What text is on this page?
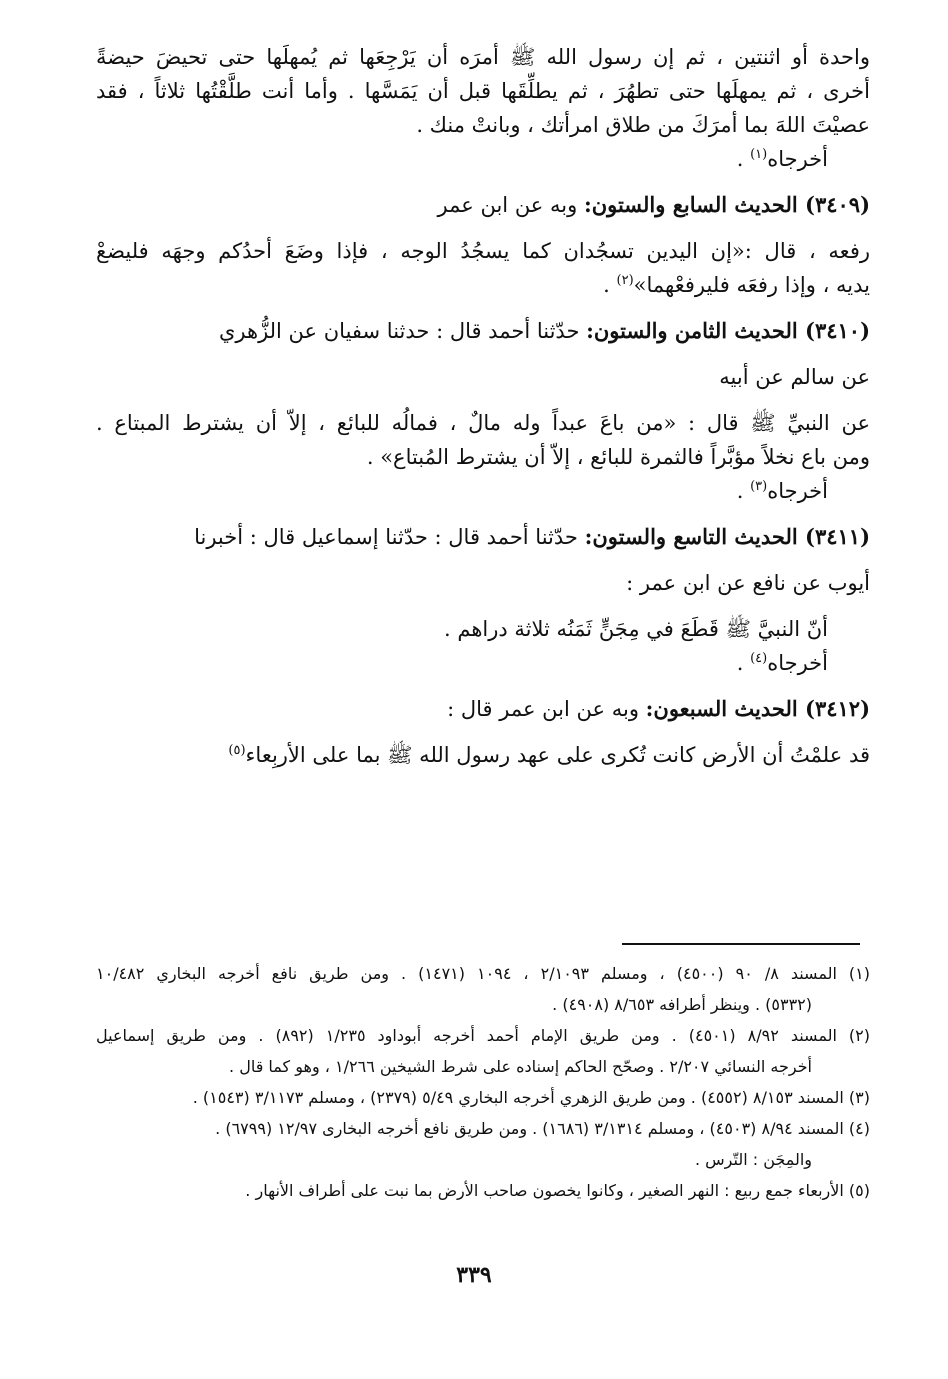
واحدة أو اثنتين ، ثم إن رسول الله ﷺ أمرَه أن يَرْجِعَها ثم يُمهلَها حتى تحيضَ حيضةً

أخرى ، ثم يمهلَها حتى تطهُرَ ، ثم يطلِّقَها قبل أن يَمَسَّها . وأما أنت طلَّقْتُها ثلاثاً ، فقد

عصيْتَ اللهَ بما أمرَكَ من طلاق امرأتك ، وبانتْ منك .

أخرجاه$^{(١)}$ .

(٣٤٠٩) الحديث السابع والستون: وبه عن ابن عمر

رفعه ، قال :«إن اليدين تسجُدان كما يسجُدُ الوجه ، فإذا وضَعَ أحدُكم وجهَه فليضعْ

يديه ، وإذا رفعَه فليرفعْهما»$^{(٢)}$ .

(٣٤١٠) الحديث الثامن والستون: حدّثنا أحمد قال : حدثنا سفيان عن الزُّهري

عن سالم عن أبيه

عن النبيِّ ﷺ قال : «من باعَ عبداً وله مالٌ ، فمالُه للبائع ، إلاّ أن يشترط المبتاع .

ومن باع نخلاً مؤبَّراً فالثمرة للبائع ، إلاّ أن يشترط المُبتاع» .

أخرجاه$^{(٣)}$ .

(٣٤١١) الحديث التاسع والستون: حدّثنا أحمد قال : حدّثنا إسماعيل قال : أخبرنا

أيوب عن نافع عن ابن عمر :

أنّ النبيَّ ﷺ قَطَعَ في مِجَنٍّ ثَمَنُه ثلاثة دراهم .

أخرجاه$^{(٤)}$ .

(٣٤١٢) الحديث السبعون: وبه عن ابن عمر قال :

قد علمْتُ أن الأرض كانت تُكرى على عهد رسول الله ﷺ بما على الأربِعاء$^{(٥)}$

(١) المسند ٨/ ٩٠ (٤٥٠٠) ، ومسلم ٢/١٠٩٣ ، ١٠٩٤ (١٤٧١) . ومن طريق نافع أخرجه البخاري ١٠/٤٨٢

(٥٣٣٢) . وينظر أطرافه ٨/٦٥٣ (٤٩٠٨) .

(٢) المسند ٨/٩٢ (٤٥٠١) . ومن طريق الإمام أحمد أخرجه أبوداود ١/٢٣٥ (٨٩٢) . ومن طريق إسماعيل

أخرجه النسائي ٢/٢٠٧ . وصحّح الحاكم إسناده على شرط الشيخين ١/٢٦٦ ، وهو كما قال .

(٣) المسند ٨/١٥٣ (٤٥٥٢) . ومن طريق الزهري أخرجه البخاري ٥/٤٩ (٢٣٧٩) ، ومسلم ٣/١١٧٣ (١٥٤٣) .

(٤) المسند ٨/٩٤ (٤٥٠٣) ، ومسلم ٣/١٣١٤ (١٦٨٦) . ومن طريق نافع أخرجه البخارى ١٢/٩٧ (٦٧٩٩) .

والمِجَن : التّرس .

(٥) الأربعاء جمع ربيع : النهر الصغير ، وكانوا يخصون صاحب الأرض بما نبت على أطراف الأنهار .

٣٣٩
